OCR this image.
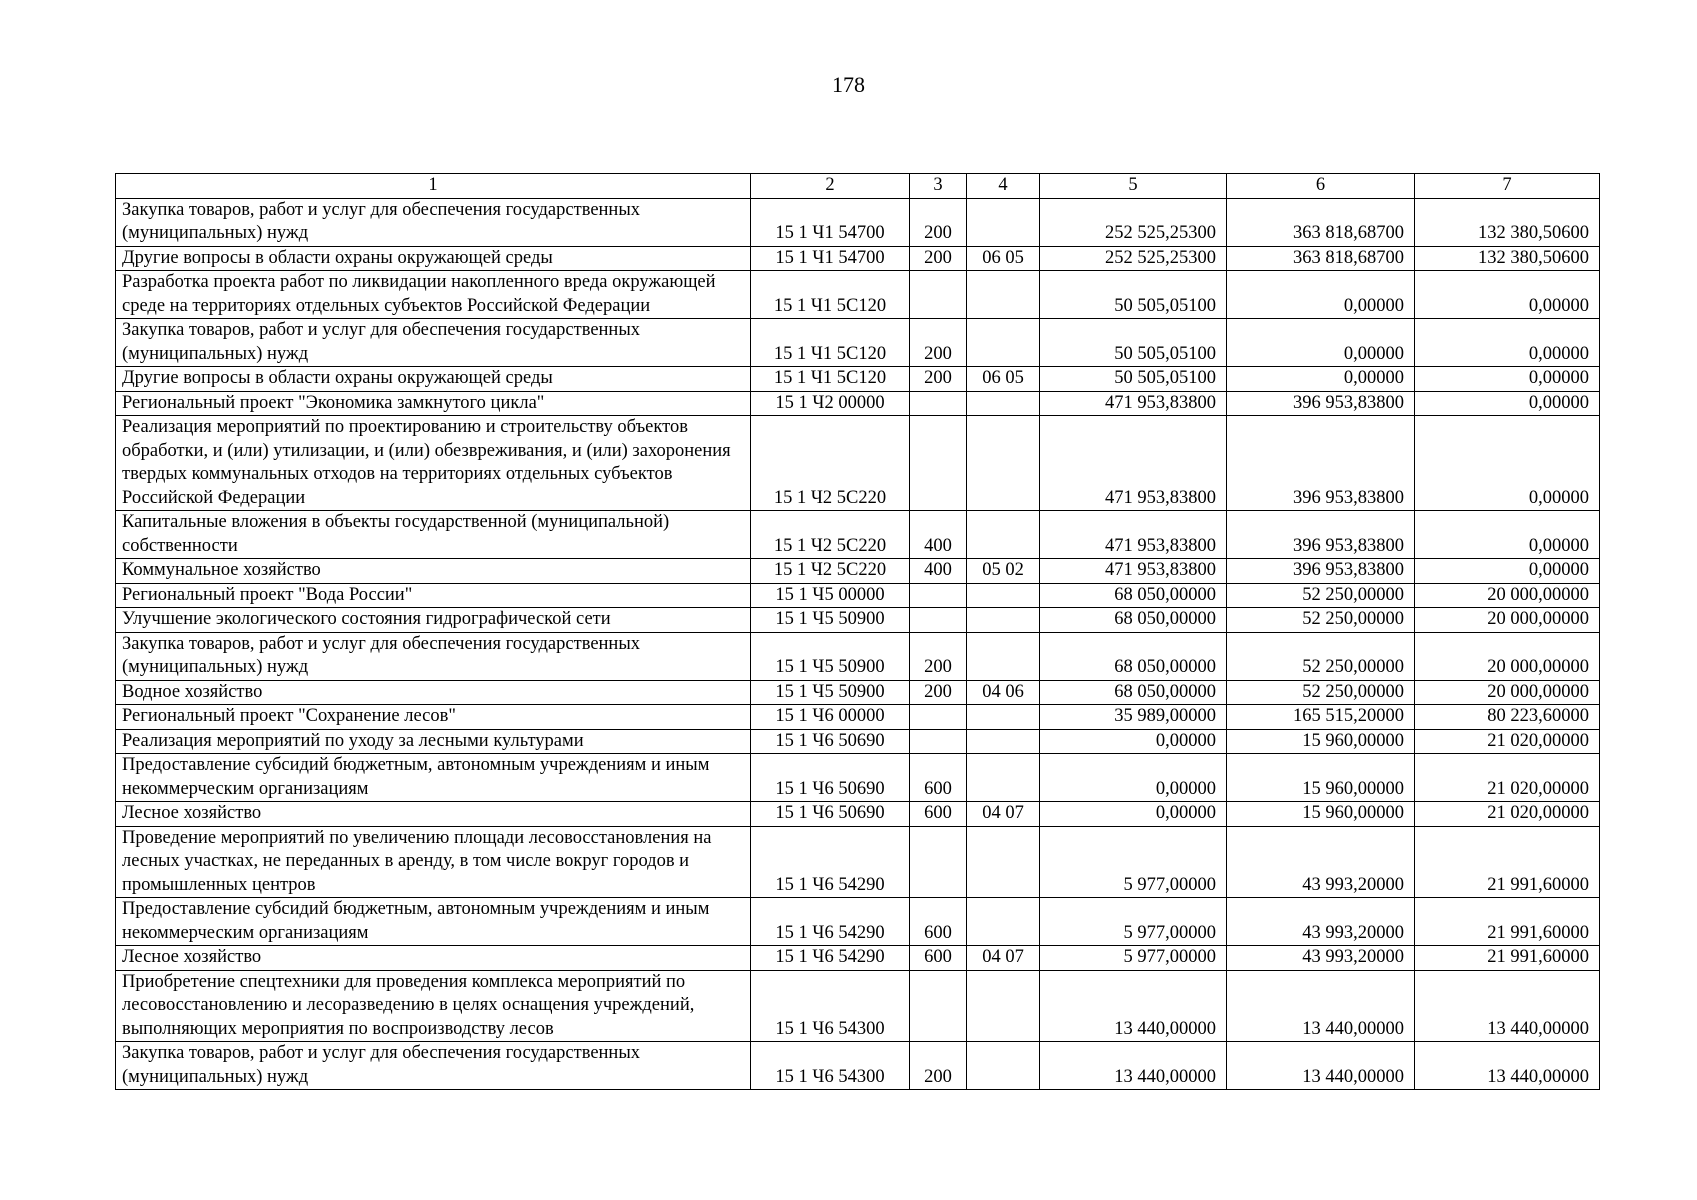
178
1	2	3	4	5	6	7
Закупка товаров, работ и услуг для обеспечения государственных (муниципальных) нужд	15 1 Ч1 54700	200		252 525,25300	363 818,68700	132 380,50600
Другие вопросы в области охраны окружающей среды	15 1 Ч1 54700	200	06 05	252 525,25300	363 818,68700	132 380,50600
Разработка проекта работ по ликвидации накопленного вреда окружающей среде на территориях отдельных субъектов Российской Федерации	15 1 Ч1 5С120			50 505,05100	0,00000	0,00000
Закупка товаров, работ и услуг для обеспечения государственных (муниципальных) нужд	15 1 Ч1 5С120	200		50 505,05100	0,00000	0,00000
Другие вопросы в области охраны окружающей среды	15 1 Ч1 5С120	200	06 05	50 505,05100	0,00000	0,00000
Региональный проект "Экономика замкнутого цикла"	15 1 Ч2 00000			471 953,83800	396 953,83800	0,00000
Реализация мероприятий по проектированию и строительству объектов обработки, и (или) утилизации, и (или) обезвреживания, и (или) захоронения твердых коммунальных отходов на территориях отдельных субъектов Российской Федерации	15 1 Ч2 5С220			471 953,83800	396 953,83800	0,00000
Капитальные вложения в объекты государственной (муниципальной) собственности	15 1 Ч2 5С220	400		471 953,83800	396 953,83800	0,00000
Коммунальное хозяйство	15 1 Ч2 5С220	400	05 02	471 953,83800	396 953,83800	0,00000
Региональный проект "Вода России"	15 1 Ч5 00000			68 050,00000	52 250,00000	20 000,00000
Улучшение экологического состояния гидрографической сети	15 1 Ч5 50900			68 050,00000	52 250,00000	20 000,00000
Закупка товаров, работ и услуг для обеспечения государственных (муниципальных) нужд	15 1 Ч5 50900	200		68 050,00000	52 250,00000	20 000,00000
Водное хозяйство	15 1 Ч5 50900	200	04 06	68 050,00000	52 250,00000	20 000,00000
Региональный проект "Сохранение лесов"	15 1 Ч6 00000			35 989,00000	165 515,20000	80 223,60000
Реализация мероприятий по уходу за лесными культурами	15 1 Ч6 50690			0,00000	15 960,00000	21 020,00000
Предоставление субсидий бюджетным, автономным учреждениям и иным некоммерческим организациям	15 1 Ч6 50690	600		0,00000	15 960,00000	21 020,00000
Лесное хозяйство	15 1 Ч6 50690	600	04 07	0,00000	15 960,00000	21 020,00000
Проведение мероприятий по увеличению площади лесовосстановления на лесных участках, не переданных в аренду, в том числе вокруг городов и промышленных центров	15 1 Ч6 54290			5 977,00000	43 993,20000	21 991,60000
Предоставление субсидий бюджетным, автономным учреждениям и иным некоммерческим организациям	15 1 Ч6 54290	600		5 977,00000	43 993,20000	21 991,60000
Лесное хозяйство	15 1 Ч6 54290	600	04 07	5 977,00000	43 993,20000	21 991,60000
Приобретение спецтехники для проведения комплекса мероприятий по лесовосстановлению и лесоразведению в целях оснащения учреждений, выполняющих мероприятия по воспроизводству лесов	15 1 Ч6 54300			13 440,00000	13 440,00000	13 440,00000
Закупка товаров, работ и услуг для обеспечения государственных (муниципальных) нужд	15 1 Ч6 54300	200		13 440,00000	13 440,00000	13 440,00000
